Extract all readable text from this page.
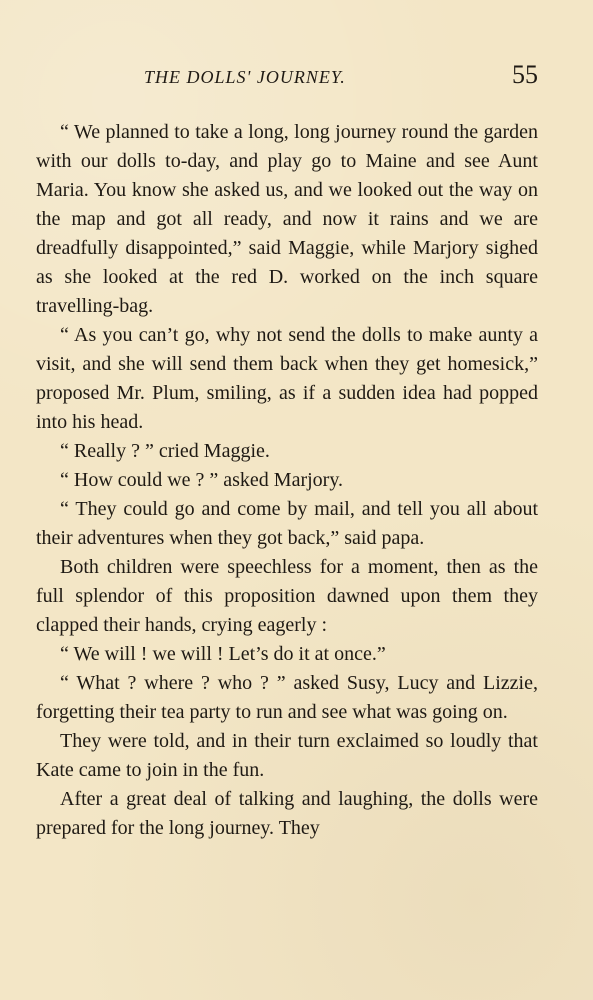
THE DOLLS' JOURNEY.	55

“ We planned to take a long, long journey round the garden with our dolls to-day, and play go to Maine and see Aunt Maria. You know she asked us, and we looked out the way on the map and got all ready, and now it rains and we are dreadfully disappointed,” said Maggie, while Marjory sighed as she looked at the red D. worked on the inch square travelling-bag.

“ As you can’t go, why not send the dolls to make aunty a visit, and she will send them back when they get homesick,” proposed Mr. Plum, smiling, as if a sudden idea had popped into his head.

“ Really ? ” cried Maggie.

“ How could we ? ” asked Marjory.

“ They could go and come by mail, and tell you all about their adventures when they got back,” said papa.

Both children were speechless for a moment, then as the full splendor of this proposition dawned upon them they clapped their hands, crying eagerly :

“ We will ! we will ! Let’s do it at once.”

“ What ? where ? who ? ” asked Susy, Lucy and Lizzie, forgetting their tea party to run and see what was going on.

They were told, and in their turn exclaimed so loudly that Kate came to join in the fun.

After a great deal of talking and laughing, the dolls were prepared for the long journey. They
